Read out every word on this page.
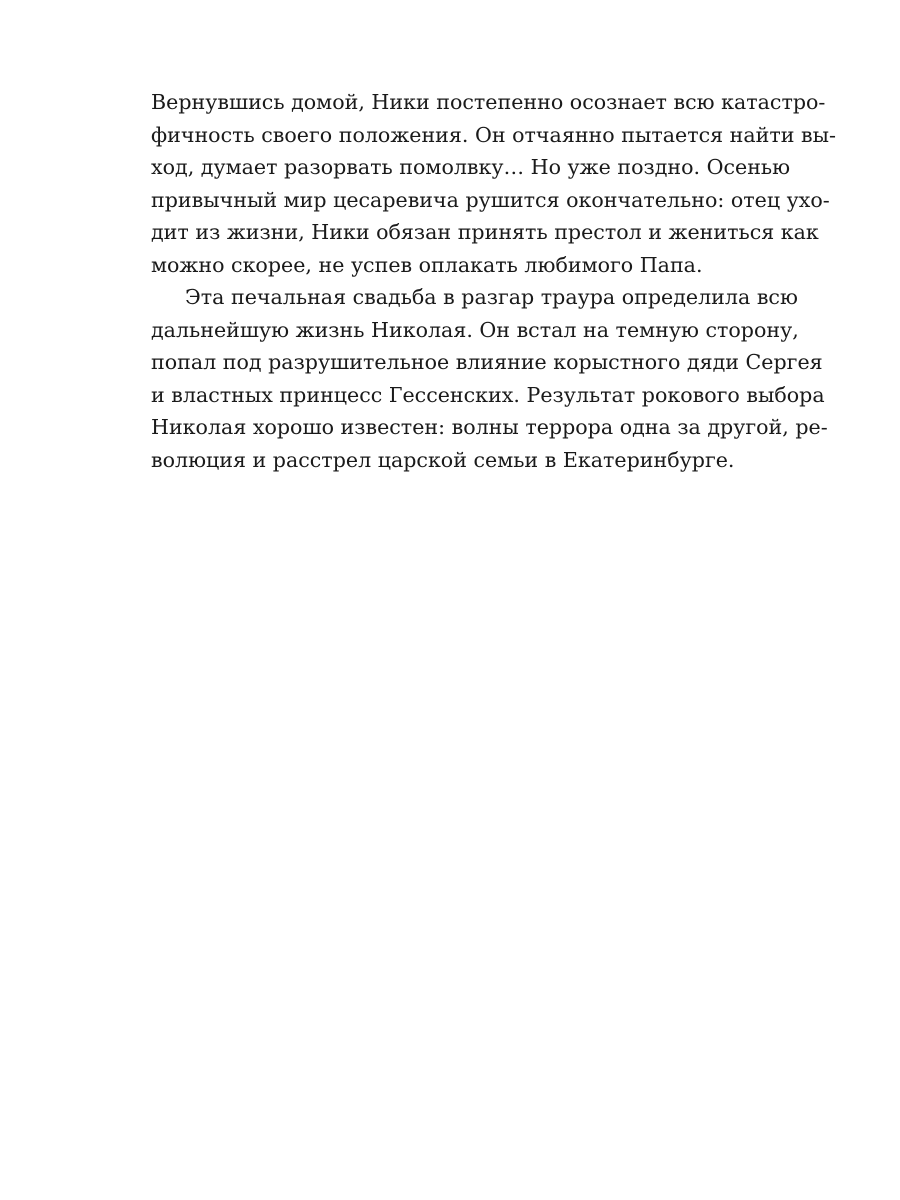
Вернувшись домой, Ники постепенно осознает всю катастро-
фичность своего положения. Он отчаянно пытается найти вы-
ход, думает разорвать помолвку… Но уже поздно. Осенью
привычный мир цесаревича рушится окончательно: отец ухо-
дит из жизни, Ники обязан принять престол и жениться как
можно скорее, не успев оплакать любимого Папа.
Эта печальная свадьба в разгар траура определила всю
дальнейшую жизнь Николая. Он встал на темную сторону,
попал под разрушительное влияние корыстного дяди Сергея
и властных принцесс Гессенских. Результат рокового выбора
Николая хорошо известен: волны террора одна за другой, ре-
волюция и расстрел царской семьи в Екатеринбурге.
